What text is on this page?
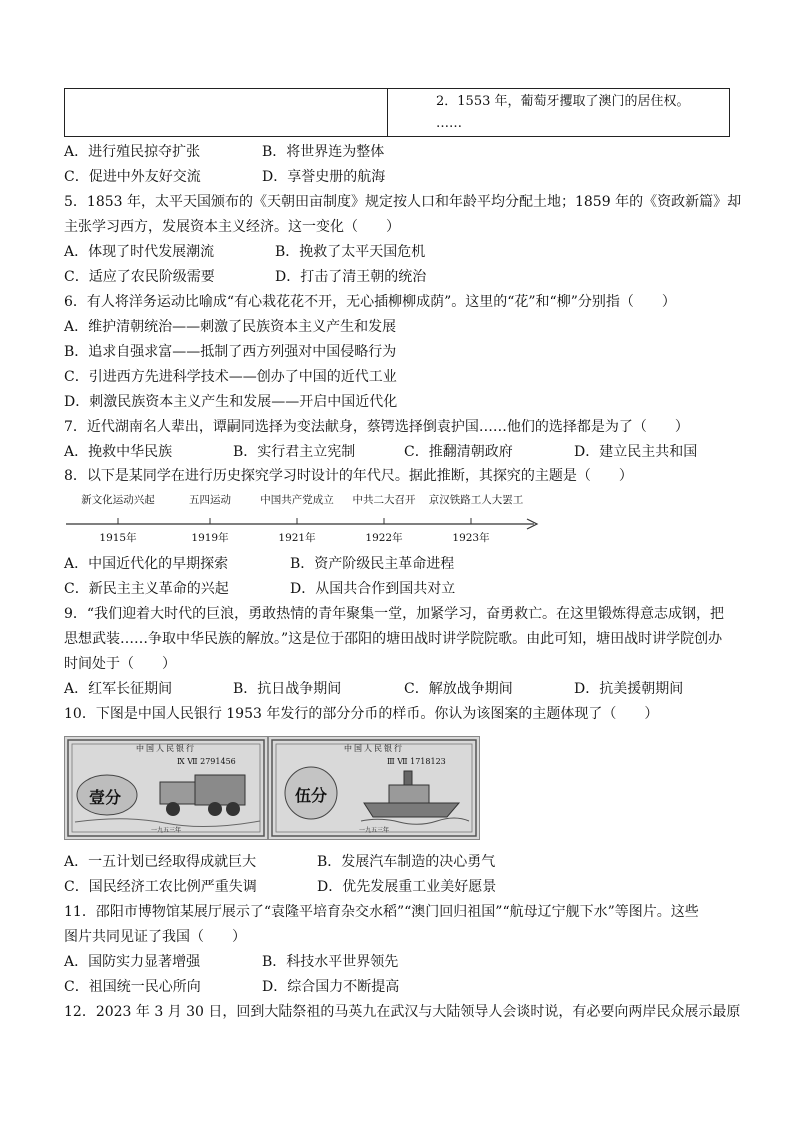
2．1553 年，葡萄牙攫取了澳门的居住权。
……
A．进行殖民掠夺扩张	B．将世界连为整体
C．促进中外友好交流	D．享誉史册的航海
5．1853 年，太平天国颁布的《天朝田亩制度》规定按人口和年龄平均分配土地；1859 年的《资政新篇》却
主张学习西方，发展资本主义经济。这一变化（　　）
A．体现了时代发展潮流	B．挽救了太平天国危机
C．适应了农民阶级需要	D．打击了清王朝的统治
6．有人将洋务运动比喻成“有心栽花花不开，无心插柳柳成荫”。这里的“花”和“柳”分别指（　　）
A．维护清朝统治——刺激了民族资本主义产生和发展
B．追求自强求富——抵制了西方列强对中国侵略行为
C．引进西方先进科学技术——创办了中国的近代工业
D．刺激民族资本主义产生和发展——开启中国近代化
7．近代湖南名人辈出，谭嗣同选择为变法献身，蔡锷选择倒袁护国……他们的选择都是为了（　　）
A．挽救中华民族	B．实行君主立宪制	C．推翻清朝政府	D．建立民主共和国
8．以下是某同学在进行历史探究学习时设计的年代尺。据此推断，其探究的主题是（　　）
新文化运动兴起	五四运动	中国共产党成立 中共二大召开 京汉铁路工人大罢工
1915年	1919年	1921年	1922年	1923年
A．中国近代化的早期探索	B．资产阶级民主革命进程
C．新民主主义革命的兴起	D．从国共合作到国共对立
9．“我们迎着大时代的巨浪，勇敢热情的青年聚集一堂，加紧学习，奋勇救亡。在这里锻炼得意志成钢，把
思想武装……争取中华民族的解放。”这是位于邵阳的塘田战时讲学院院歌。由此可知，塘田战时讲学院创办
时间处于（　　）
A．红军长征期间	B．抗日战争期间	C．解放战争期间	D．抗美援朝期间
10．下图是中国人民银行 1953 年发行的部分分币的样币。你认为该图案的主题体现了（　　）
中国人民银行
Ⅸ Ⅶ 2791456
壹分
一九五三年
中国人民银行
Ⅲ Ⅶ 1718123
伍分
一九五三年
A．一五计划已经取得成就巨大	B．发展汽车制造的决心勇气
C．国民经济工农比例严重失调	D．优先发展重工业美好愿景
11．邵阳市博物馆某展厅展示了“袁隆平培育杂交水稻”“澳门回归祖国”“航母辽宁舰下水”等图片。这些
图片共同见证了我国（　　）
A．国防实力显著增强	B．科技水平世界领先
C．祖国统一民心所向	D．综合国力不断提高
12．2023 年 3 月 30 日，回到大陆祭祖的马英九在武汉与大陆领导人会谈时说，有必要向两岸民众展示最原
